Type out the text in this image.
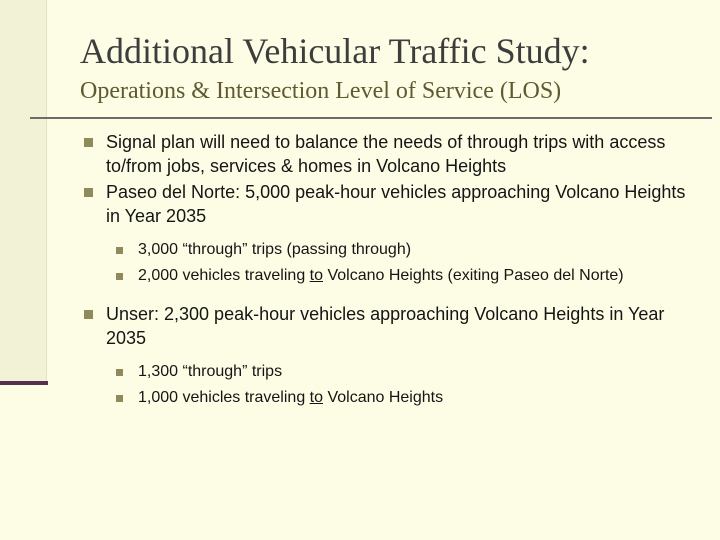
Additional Vehicular Traffic Study:
Operations & Intersection Level of Service (LOS)
Signal plan will need to balance the needs of through trips with access to/from jobs, services & homes in Volcano Heights
Paseo del Norte: 5,000 peak-hour vehicles approaching Volcano Heights in Year 2035
3,000 “through” trips (passing through)
2,000 vehicles traveling to Volcano Heights (exiting Paseo del Norte)
Unser: 2,300 peak-hour vehicles approaching Volcano Heights in Year 2035
1,300 “through” trips
1,000 vehicles traveling to Volcano Heights
